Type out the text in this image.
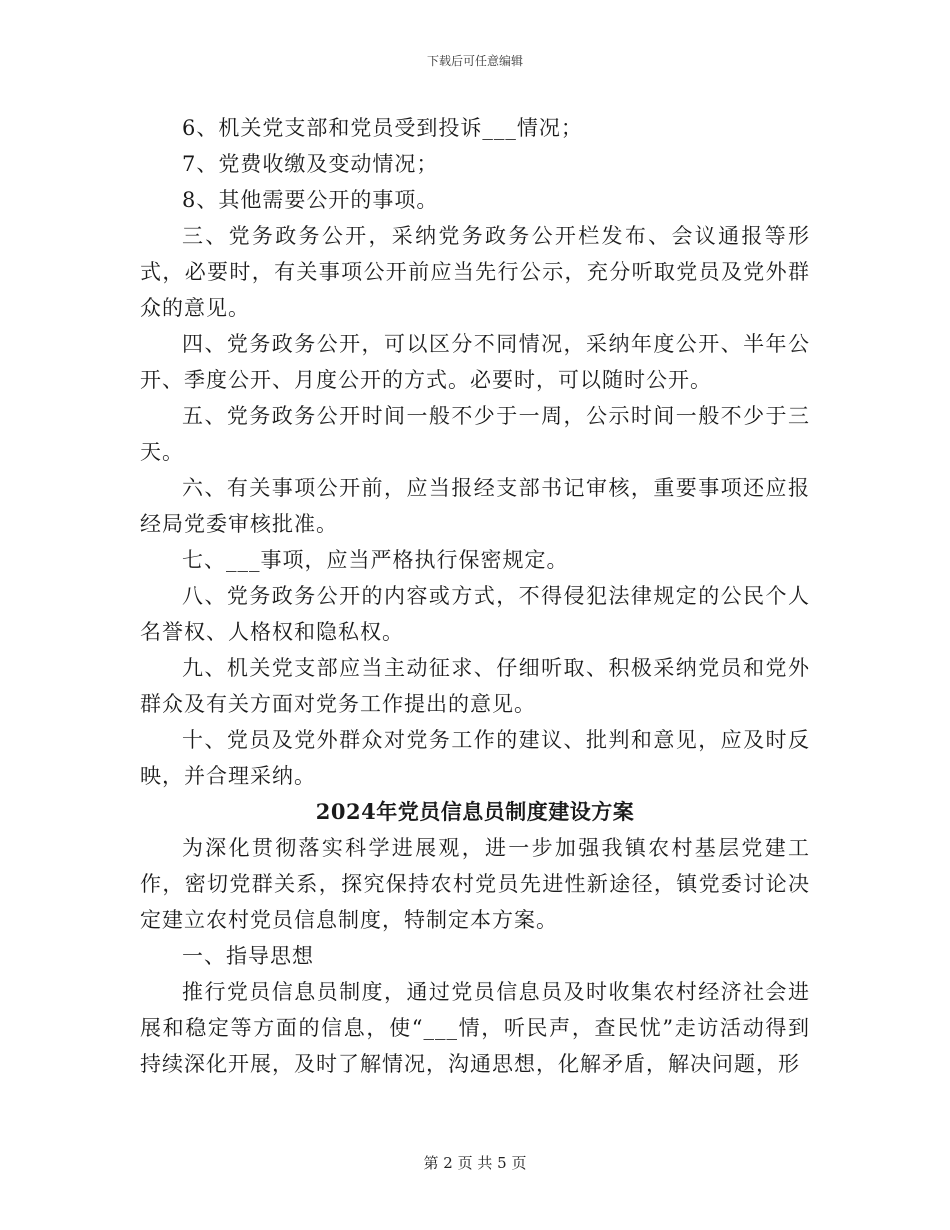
下载后可任意编辑

6、机关党支部和党员受到投诉___情况；

7、党费收缴及变动情况；

8、其他需要公开的事项。

三、党务政务公开，采纳党务政务公开栏发布、会议通报等形式，必要时，有关事项公开前应当先行公示，充分听取党员及党外群众的意见。

四、党务政务公开，可以区分不同情况，采纳年度公开、半年公开、季度公开、月度公开的方式。必要时，可以随时公开。

五、党务政务公开时间一般不少于一周，公示时间一般不少于三天。

六、有关事项公开前，应当报经支部书记审核，重要事项还应报经局党委审核批准。

七、___事项，应当严格执行保密规定。

八、党务政务公开的内容或方式，不得侵犯法律规定的公民个人名誉权、人格权和隐私权。

九、机关党支部应当主动征求、仔细听取、积极采纳党员和党外群众及有关方面对党务工作提出的意见。

十、党员及党外群众对党务工作的建议、批判和意见，应及时反映，并合理采纳。

2024年党员信息员制度建设方案

为深化贯彻落实科学进展观，进一步加强我镇农村基层党建工作，密切党群关系，探究保持农村党员先进性新途径，镇党委讨论决定建立农村党员信息制度，特制定本方案。

一、指导思想

推行党员信息员制度，通过党员信息员及时收集农村经济社会进展和稳定等方面的信息，使“___情，听民声，查民忧”走访活动得到持续深化开展，及时了解情况，沟通思想，化解矛盾，解决问题，形

第 2 页 共 5 页
